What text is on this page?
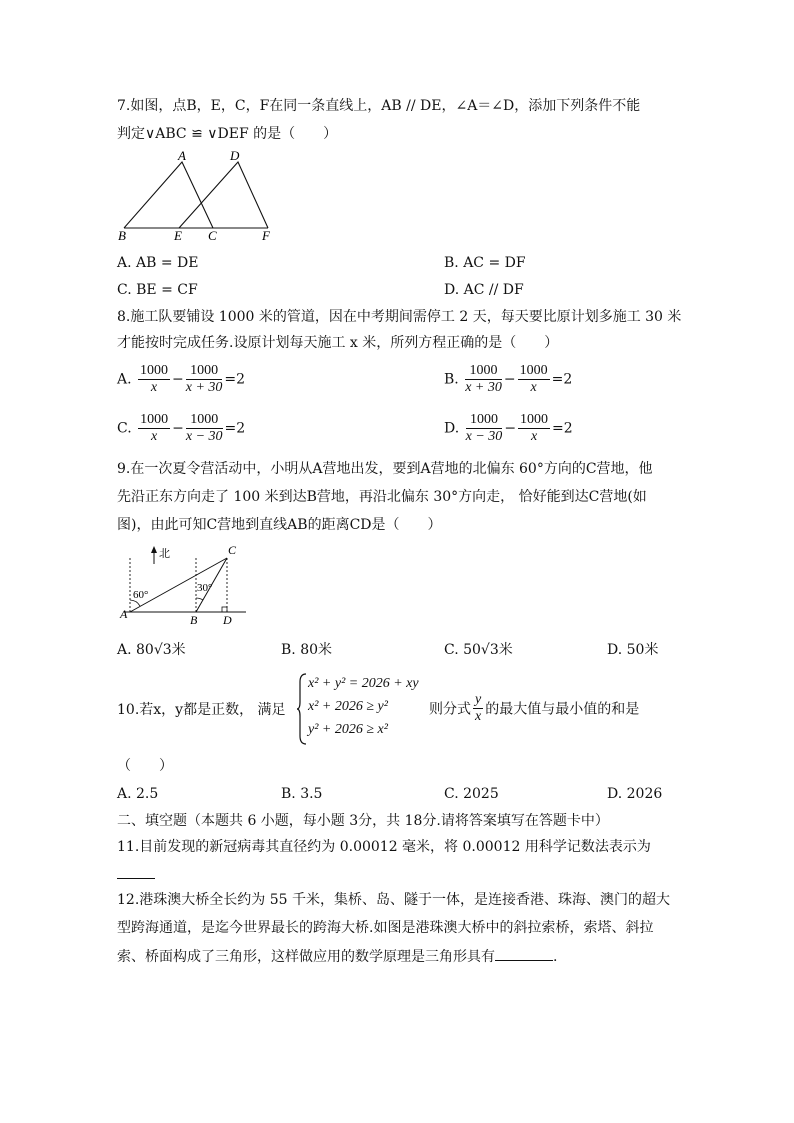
7.如图，点B，E，C，F在同一条直线上，AB // DE，∠A＝∠D，添加下列条件不能
判定∨ABC ≌ ∨DEF 的是（　　）
A	D
B	E C	F
A. AB = DE	B. AC = DF
C. BE = CF	D. AC // DF
8.施工队要铺设 1000 米的管道，因在中考期间需停工 2 天，每天要比原计划多施工 30 米
才能按时完成任务.设原计划每天施工 x 米，所列方程正确的是（　　）
A. $\frac{1000}{x} - \frac{1000}{x + 30} =2$	B. $\frac{1000}{x + 30} - \frac{1000}{x} =2$
C. $\frac{1000}{x} - \frac{1000}{x - 30} =2$	D. $\frac{1000}{x - 30} - \frac{1000}{x} =2$
9.在一次夏令营活动中，小明从A营地出发，要到A营地的北偏东 60°方向的C营地，他
先沿正东方向走了 100 米到达B营地，再沿北偏东 30°方向走， 恰好能到达C营地(如
图)，由此可知C营地到直线AB的距离CD是（　　）
北
60°
30°
A	B
C
D
A. 80√3米	B. 80米	C. 50√3米	D. 50米
10.若x，y都是正数， 满足
x² + y² = 2026 + xy
x² + 2026 ≥ y²
y² + 2026 ≥ x²
则分式 $\frac{y}{x}$ 的最大值与最小值的和是
（　　）
A. 2.5	B. 3.5	C. 2025	D. 2026
二、填空题（本题共 6 小题，每小题 3分，共 18分.请将答案填写在答题卡中）
11.目前发现的新冠病毒其直径约为 0.00012 毫米，将 0.00012 用科学记数法表示为
12.港珠澳大桥全长约为 55 千米，集桥、岛、隧于一体，是连接香港、珠海、澳门的超大
型跨海通道，是迄今世界最长的跨海大桥.如图是港珠澳大桥中的斜拉索桥，索塔、斜拉
索、桥面构成了三角形，这样做应用的数学原理是三角形具有	.
